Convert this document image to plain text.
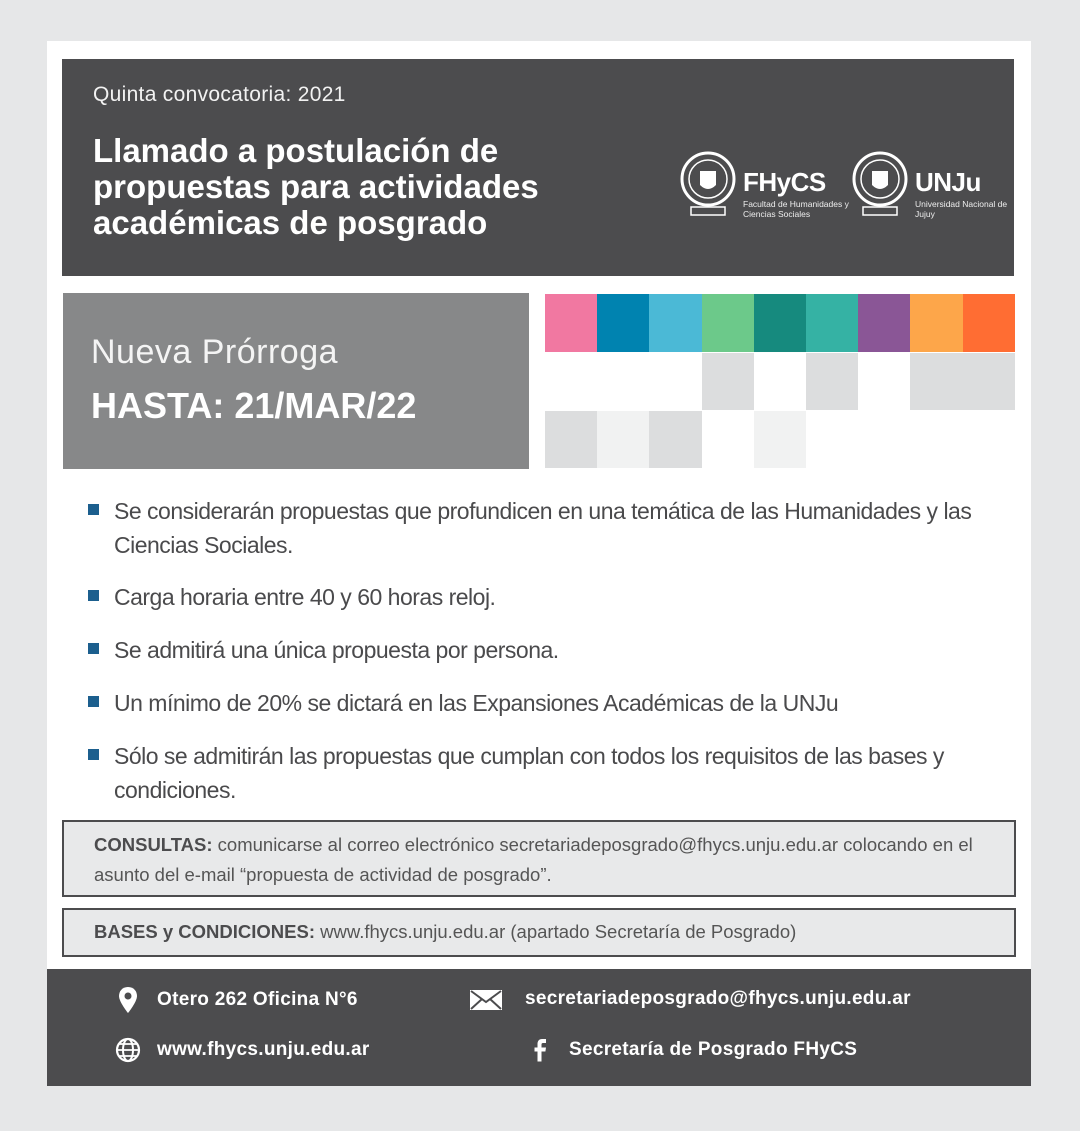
Quinta convocatoria: 2021
Llamado a postulación de propuestas para actividades académicas de posgrado
FHyCS
Facultad de Humanidades y Ciencias Sociales
UNJu
Universidad Nacional de Jujuy
Nueva Prórroga
HASTA: 21/MAR/22
Se considerarán propuestas que profundicen en una temática de las Humanidades y las Ciencias Sociales.
Carga horaria entre 40 y 60 horas reloj.
Se admitirá una única propuesta por persona.
Un mínimo de 20% se dictará en las Expansiones Académicas de la UNJu
Sólo se admitirán las propuestas que cumplan con todos los requisitos de las bases y condiciones.
CONSULTAS: comunicarse al correo electrónico secretariadeposgrado@fhycs.unju.edu.ar colocando en el asunto del e-mail “propuesta de actividad de posgrado”.
BASES y CONDICIONES: www.fhycs.unju.edu.ar (apartado Secretaría de Posgrado)
Otero 262 Oficina N°6	secretariadeposgrado@fhycs.unju.edu.ar
www.fhycs.unju.edu.ar	Secretaría de Posgrado FHyCS
